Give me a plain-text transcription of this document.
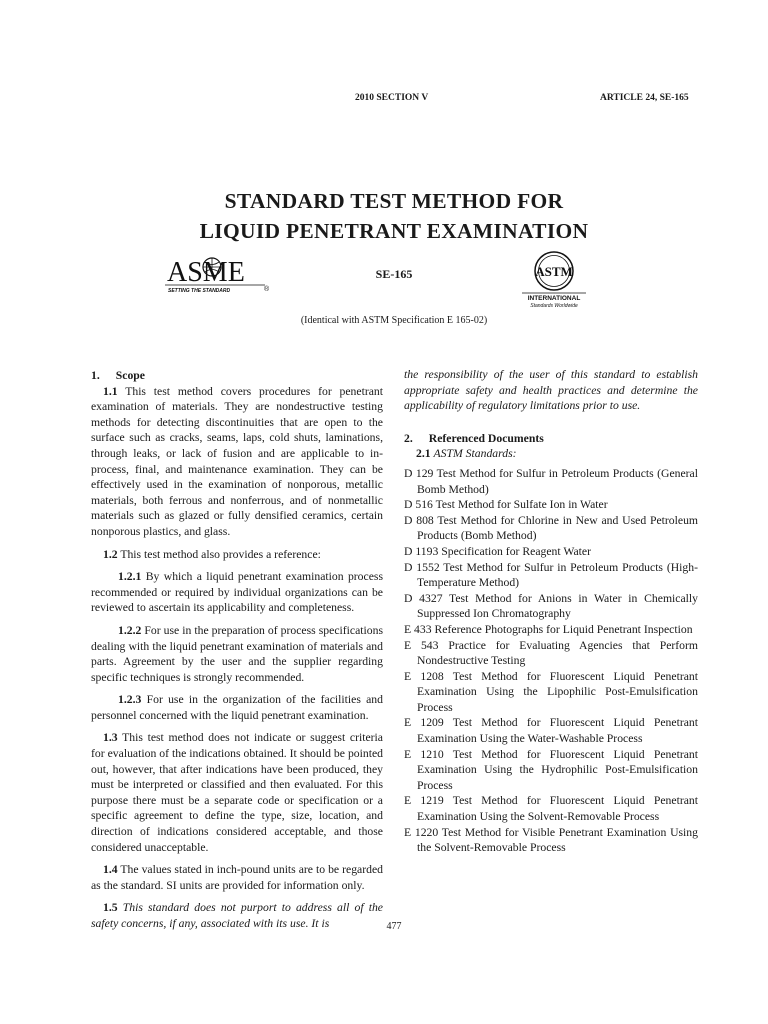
2010 SECTION V	ARTICLE 24, SE-165
STANDARD TEST METHOD FOR
LIQUID PENETRANT EXAMINATION
ASME
SETTING THE STANDARD	®
SE-165	ASTM
INTERNATIONAL
Standards Worldwide
(Identical with ASTM Specification E 165-02)

1. Scope

1.1 This test method covers procedures for penetrant examination of materials. They are nondestructive testing methods for detecting discontinuities that are open to the surface such as cracks, seams, laps, cold shuts, laminations, through leaks, or lack of fusion and are applicable to in-process, final, and maintenance examination. They can be effectively used in the examination of nonporous, metallic materials, both ferrous and nonferrous, and of nonmetallic materials such as glazed or fully densified ceramics, certain nonporous plastics, and glass.

1.2 This test method also provides a reference:

1.2.1 By which a liquid penetrant examination process recommended or required by individual organizations can be reviewed to ascertain its applicability and completeness.

1.2.2 For use in the preparation of process specifications dealing with the liquid penetrant examination of materials and parts. Agreement by the user and the supplier regarding specific techniques is strongly recommended.

1.2.3 For use in the organization of the facilities and personnel concerned with the liquid penetrant examination.

1.3 This test method does not indicate or suggest criteria for evaluation of the indications obtained. It should be pointed out, however, that after indications have been produced, they must be interpreted or classified and then evaluated. For this purpose there must be a separate code or specification or a specific agreement to define the type, size, location, and direction of indications considered acceptable, and those considered unacceptable.

1.4 The values stated in inch-pound units are to be regarded as the standard. SI units are provided for information only.

1.5 This standard does not purport to address all of the safety concerns, if any, associated with its use. It is

the responsibility of the user of this standard to establish appropriate safety and health practices and determine the applicability of regulatory limitations prior to use.

2. Referenced Documents

2.1 ASTM Standards:

D 129 Test Method for Sulfur in Petroleum Products (General Bomb Method)

D 516 Test Method for Sulfate Ion in Water

D 808 Test Method for Chlorine in New and Used Petroleum Products (Bomb Method)

D 1193 Specification for Reagent Water

D 1552 Test Method for Sulfur in Petroleum Products (High-Temperature Method)

D 4327 Test Method for Anions in Water in Chemically Suppressed Ion Chromatography

E 433 Reference Photographs for Liquid Penetrant Inspection

E 543 Practice for Evaluating Agencies that Perform Nondestructive Testing

E 1208 Test Method for Fluorescent Liquid Penetrant Examination Using the Lipophilic Post-Emulsification Process

E 1209 Test Method for Fluorescent Liquid Penetrant Examination Using the Water-Washable Process

E 1210 Test Method for Fluorescent Liquid Penetrant Examination Using the Hydrophilic Post-Emulsification Process

E 1219 Test Method for Fluorescent Liquid Penetrant Examination Using the Solvent-Removable Process

E 1220 Test Method for Visible Penetrant Examination Using the Solvent-Removable Process

477
